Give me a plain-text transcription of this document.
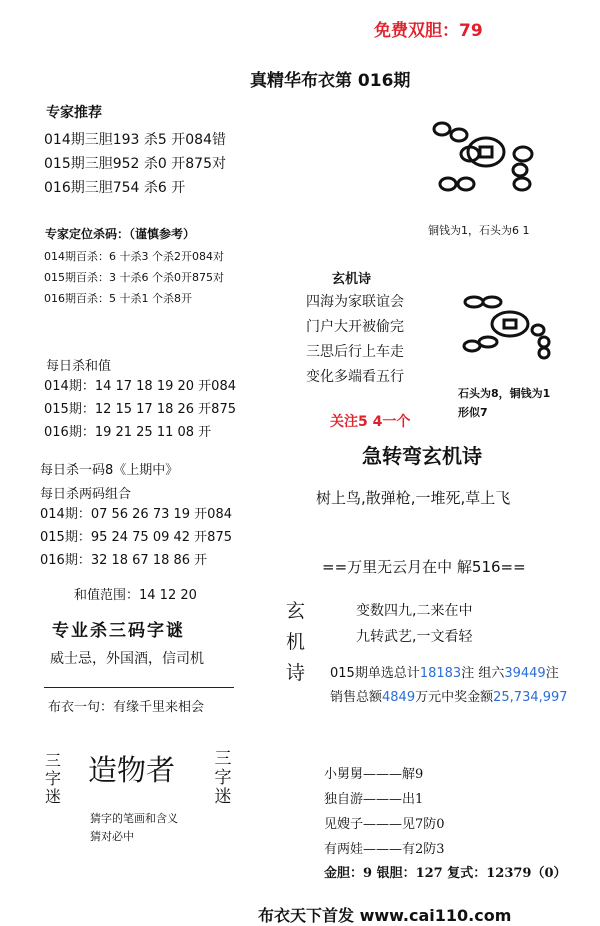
免费双胆：79
真精华布衣第 016期
专家推荐
014期三胆193 杀5 开084错
015期三胆952 杀0 开875对
016期三胆754 杀6 开
专家定位杀码：（谨慎参考）
014期百杀：6 十杀3 个杀2开084对
015期百杀：3 十杀6 个杀0开875对
016期百杀：5 十杀1 个杀8开
每日杀和值
014期：14 17 18 19 20 开084
015期：12 15 17 18 26 开875
016期：19 21 25 11 08 开
每日杀一码8《上期中》
每日杀两码组合
014期：07 56 26 73 19 开084
015期：95 24 75 09 42 开875
016期：32 18 67 18 86 开
和值范围：14 12 20
专业杀三码字谜
威士忌，外国酒，信司机
布衣一句：有缘千里来相会
三字迷
造物者 三字迷
猜字的笔画和含义
猜对必中
铜钱为1，石头为6 1
玄机诗
四海为家联谊会
门户大开被偷完
三思后行上车走
变化多端看五行
石头为8，铜钱为1
形似7
关注5 4一个
急转弯玄机诗
树上鸟,散弹枪,一堆死,草上飞
==万里无云月在中 解516==
玄
机
诗
变数四九,二来在中
九转武艺,一文看轻
015期单选总计18183注 组六39449注
销售总额4849万元中奖金额25,734,997
小舅舅———解9
独自游———出1
见嫂子———见7防0
有两娃———有2防3
金胆：9 银胆：127 复式：12379（0）
布衣天下首发 www.cai110.com
